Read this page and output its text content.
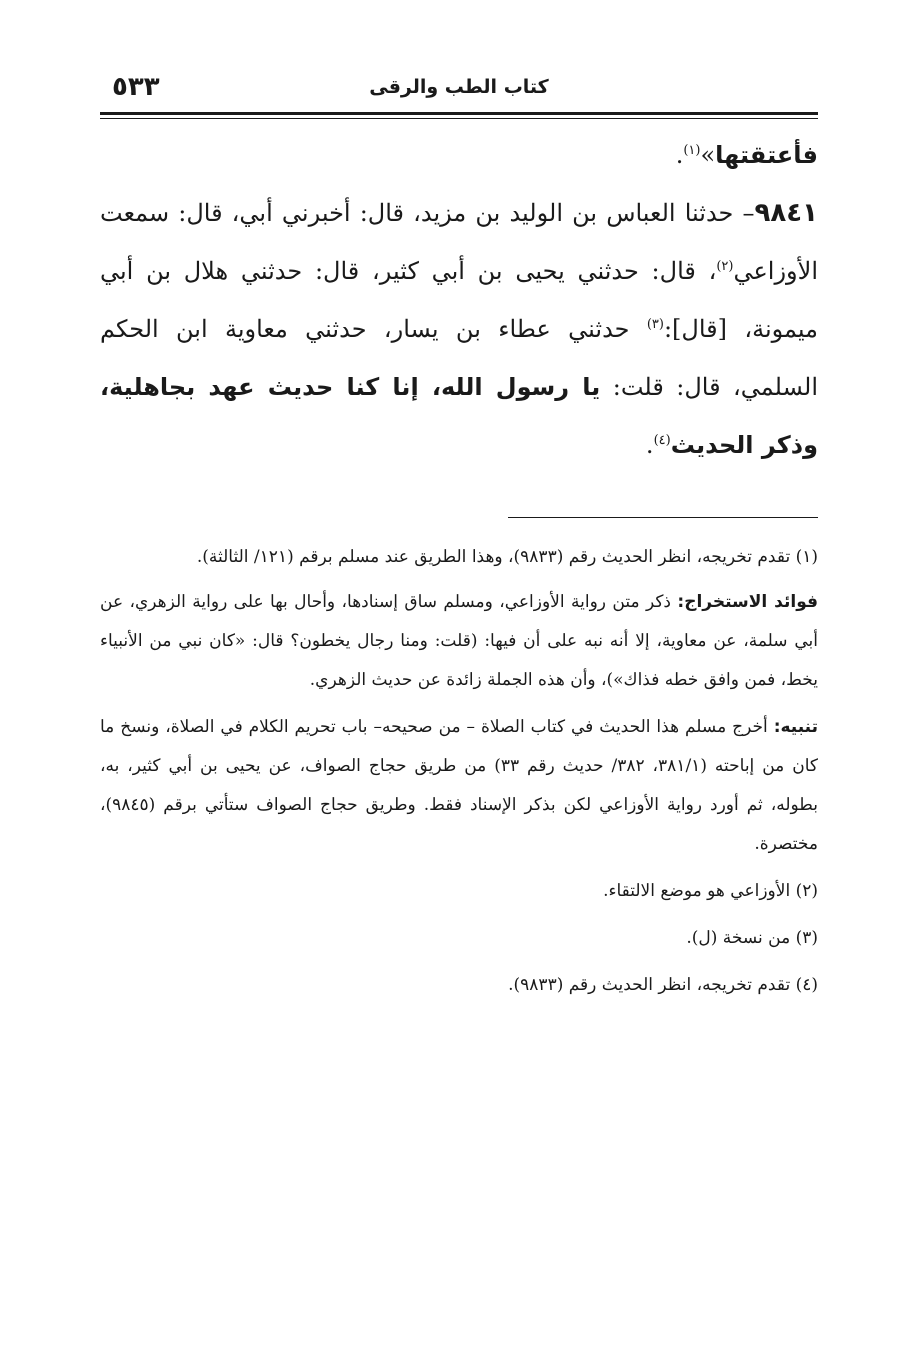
٥٣٣	كتاب الطب والرقى

فأعتقتها»$^{(١)}$.

٩٨٤١– حدثنا العباس بن الوليد بن مزيد، قال: أخبرني أبي، قال: سمعت الأوزاعي$^{(٢)}$، قال: حدثني يحيى بن أبي كثير، قال: حدثني هلال بن أبي ميمونة، [قال]:$^{(٣)}$ حدثني عطاء بن يسار، حدثني معاوية ابن الحكم السلمي، قال: قلت: يا رسول الله، إنا كنا حديث عهد بجاهلية، وذكر الحديث$^{(٤)}$.

(١) تقدم تخريجه، انظر الحديث رقم (٩٨٣٣)، وهذا الطريق عند مسلم برقم (١٢١/ الثالثة).

فوائد الاستخراج: ذكر متن رواية الأوزاعي، ومسلم ساق إسنادها، وأحال بها على رواية الزهري، عن أبي سلمة، عن معاوية، إلا أنه نبه على أن فيها: (قلت: ومنا رجال يخطون؟ قال: «كان نبي من الأنبياء يخط، فمن وافق خطه فذاك»)، وأن هذه الجملة زائدة عن حديث الزهري.

تنبيه: أخرج مسلم هذا الحديث في كتاب الصلاة – من صحيحه– باب تحريم الكلام في الصلاة، ونسخ ما كان من إباحته (٣٨١/١، ٣٨٢/ حديث رقم ٣٣) من طريق حجاج الصواف، عن يحيى بن أبي كثير، به، بطوله، ثم أورد رواية الأوزاعي لكن بذكر الإسناد فقط. وطريق حجاج الصواف ستأتي برقم (٩٨٤٥)، مختصرة.

(٢) الأوزاعي هو موضع الالتقاء.

(٣) من نسخة (ل).

(٤) تقدم تخريجه، انظر الحديث رقم (٩٨٣٣).
